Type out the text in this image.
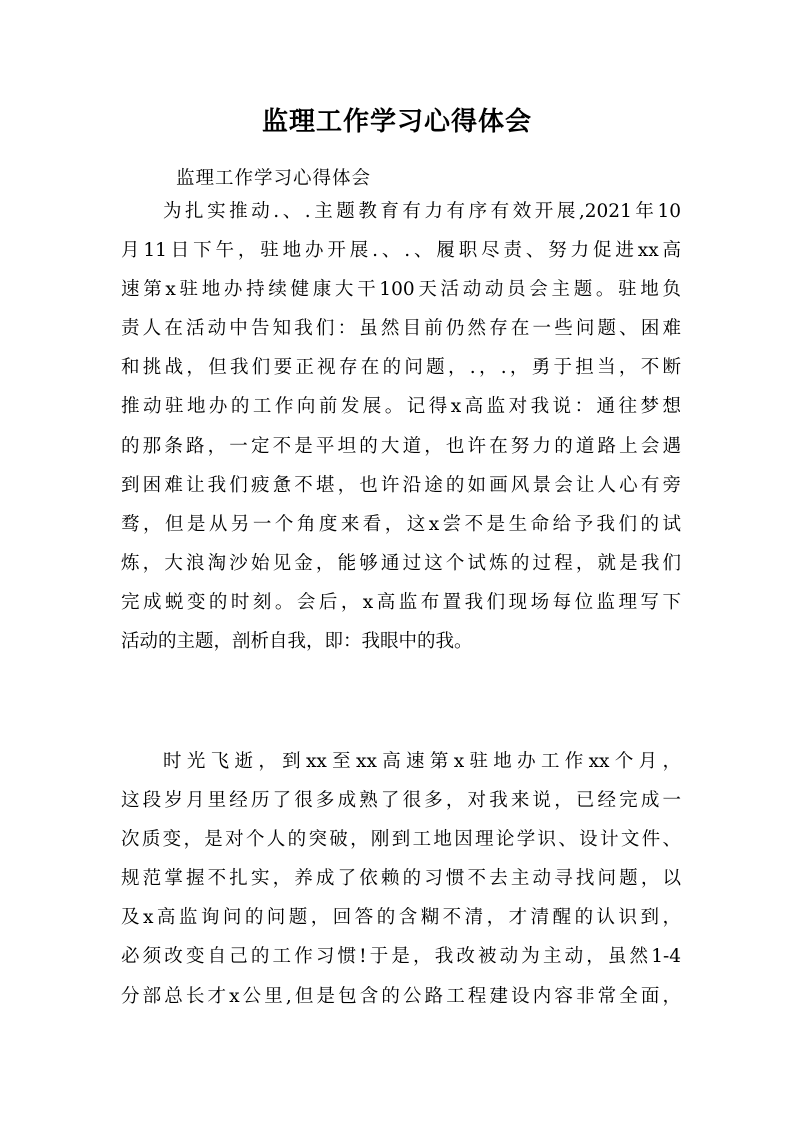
监理工作学习心得体会
监理工作学习心得体会
为扎实推动.、.主题教育有力有序有效开展,2021年10
月11日下午，驻地办开展.、.、履职尽责、努力促进xx高
速第x驻地办持续健康大干100天活动动员会主题。驻地负
责人在活动中告知我们：虽然目前仍然存在一些问题、困难
和挑战，但我们要正视存在的问题，.，.，勇于担当，不断
推动驻地办的工作向前发展。记得x高监对我说：通往梦想
的那条路，一定不是平坦的大道，也许在努力的道路上会遇
到困难让我们疲惫不堪，也许沿途的如画风景会让人心有旁
骛，但是从另一个角度来看，这x尝不是生命给予我们的试
炼，大浪淘沙始见金，能够通过这个试炼的过程，就是我们
完成蜕变的时刻。会后，x高监布置我们现场每位监理写下
活动的主题，剖析自我，即：我眼中的我。
时光飞逝，到xx至xx高速第x驻地办工作xx个月，
这段岁月里经历了很多成熟了很多，对我来说，已经完成一
次质变，是对个人的突破，刚到工地因理论学识、设计文件、
规范掌握不扎实，养成了依赖的习惯不去主动寻找问题，以
及x高监询问的问题，回答的含糊不清，才清醒的认识到，
必须改变自己的工作习惯!于是，我改被动为主动，虽然1-4
分部总长才x公里,但是包含的公路工程建设内容非常全面，
